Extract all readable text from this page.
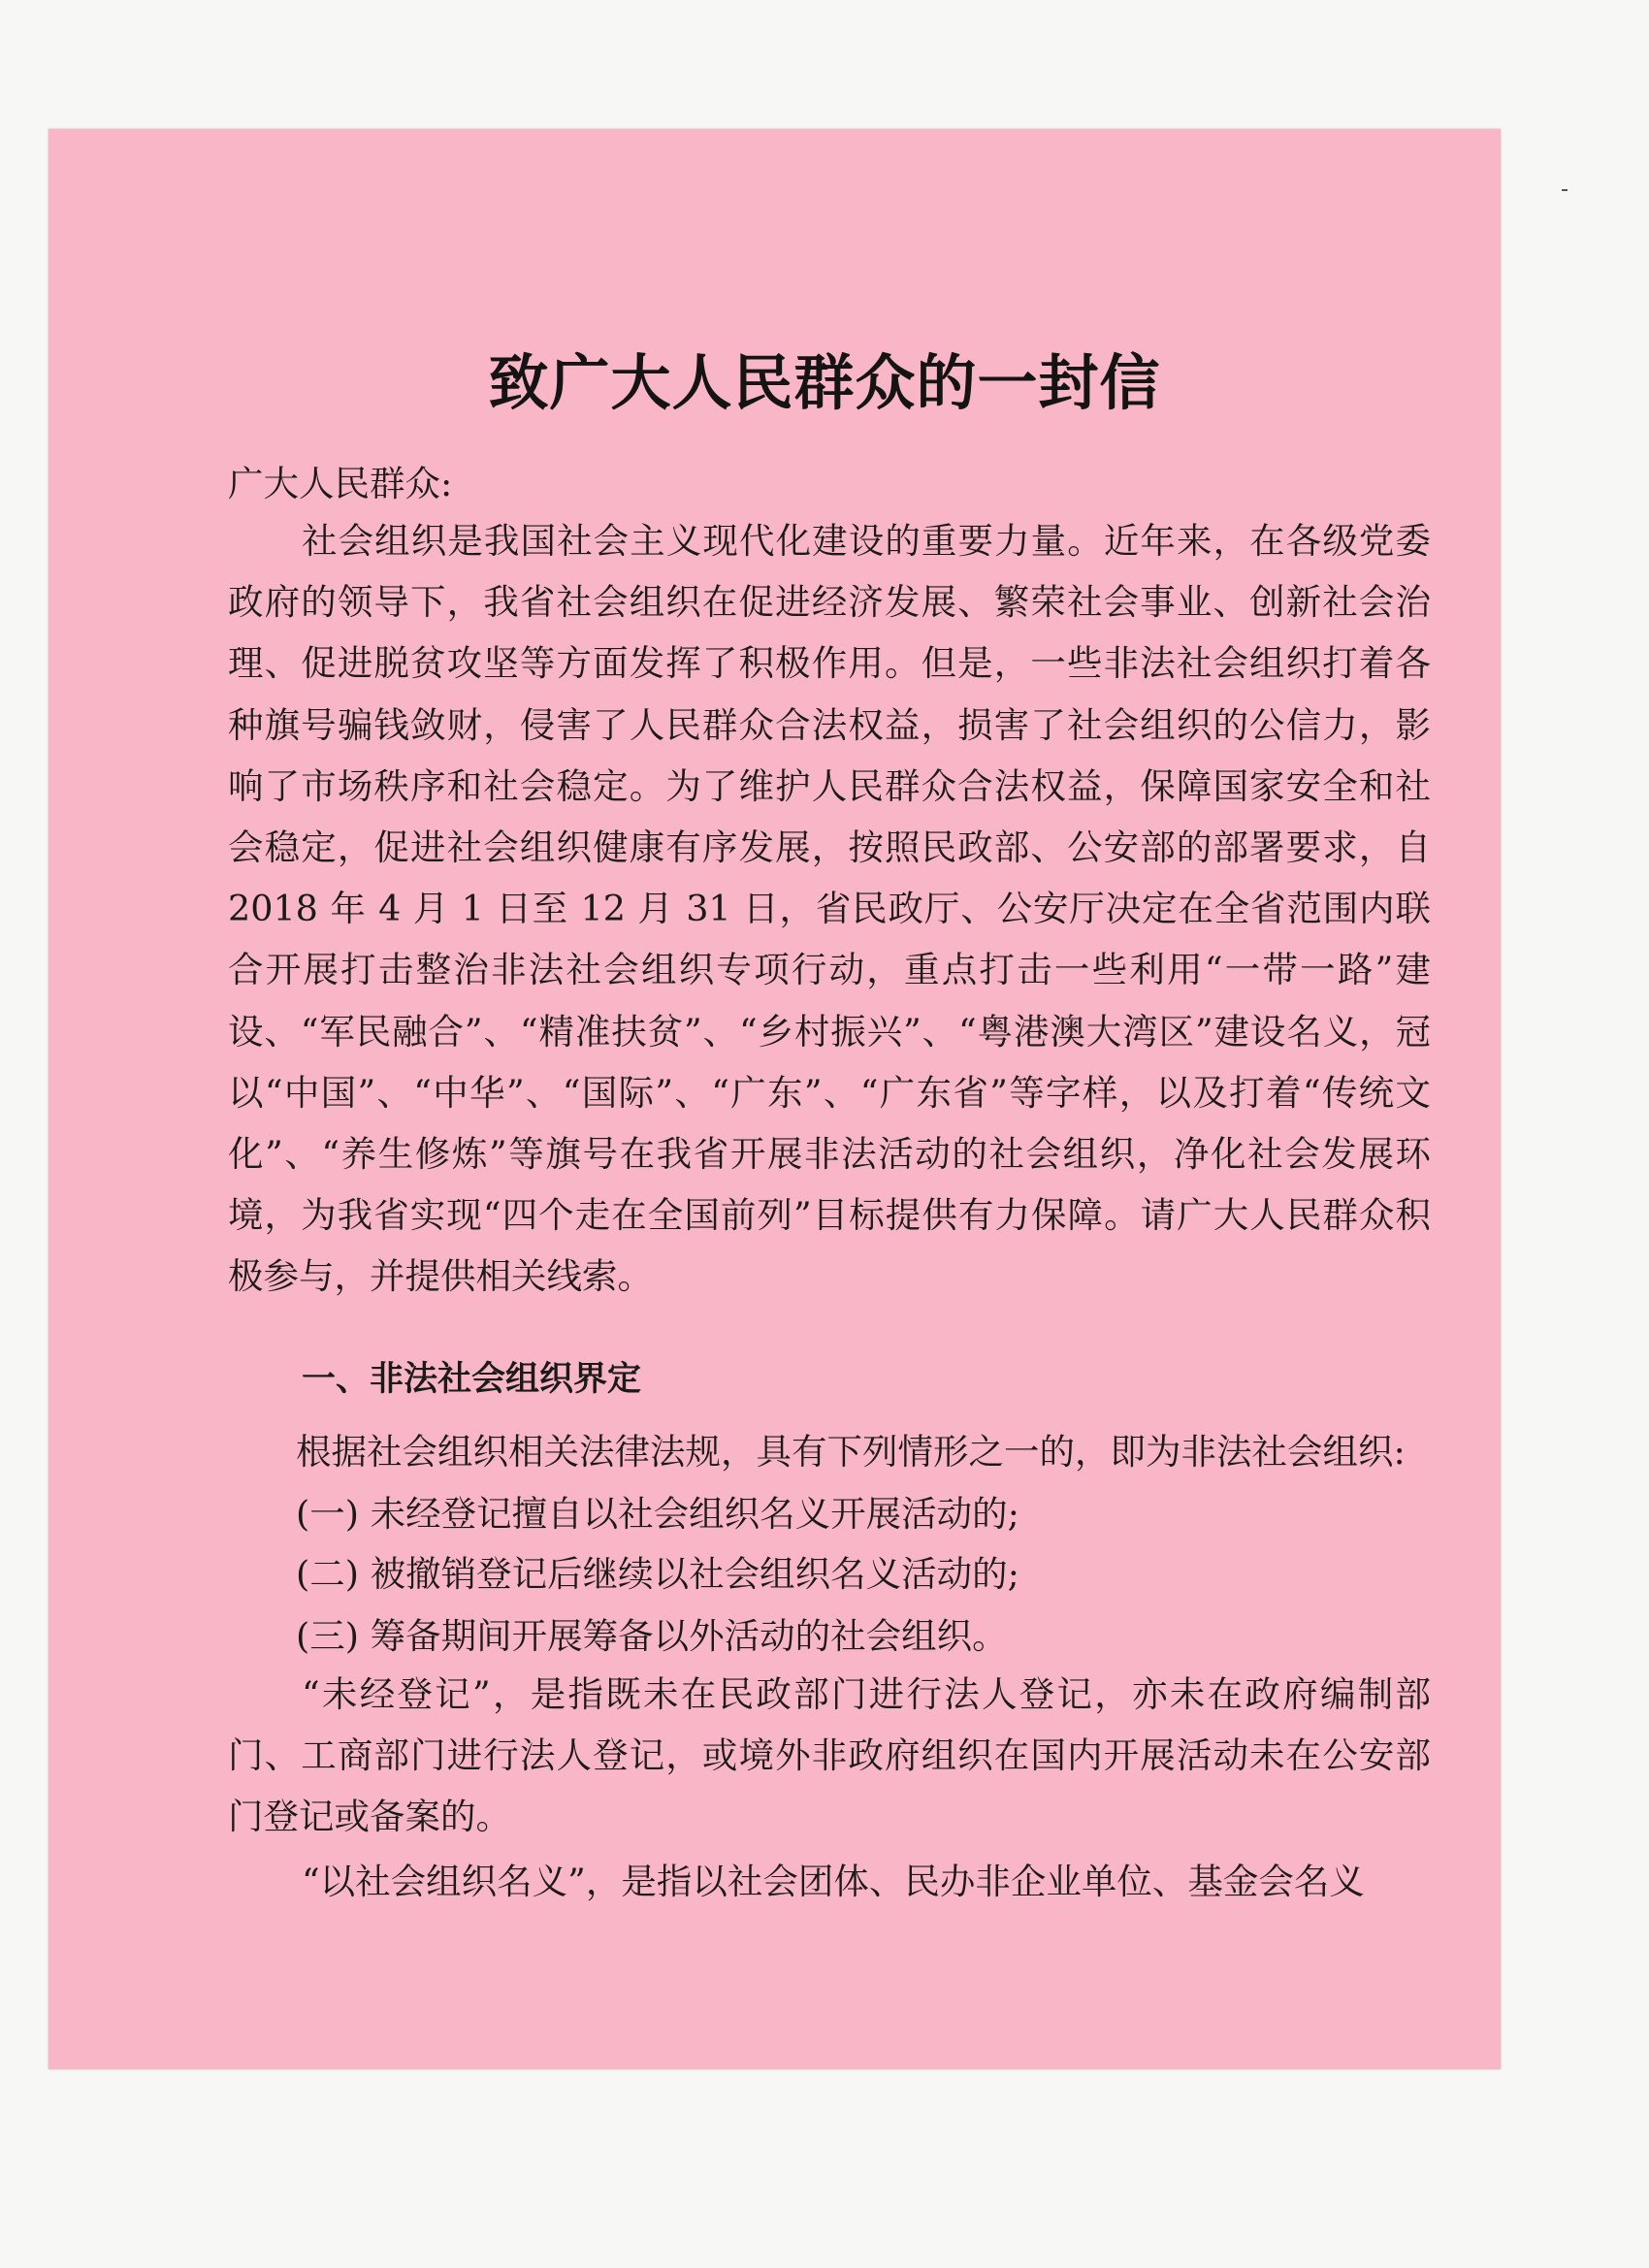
致广大人民群众的一封信
广大人民群众:
社会组织是我国社会主义现代化建设的重要力量。近年来，在各级党委政府的领导下，我省社会组织在促进经济发展、繁荣社会事业、创新社会治理、促进脱贫攻坚等方面发挥了积极作用。但是，一些非法社会组织打着各种旗号骗钱敛财，侵害了人民群众合法权益，损害了社会组织的公信力，影响了市场秩序和社会稳定。为了维护人民群众合法权益，保障国家安全和社会稳定，促进社会组织健康有序发展，按照民政部、公安部的部署要求，自 2018 年 4 月 1 日至 12 月 31 日，省民政厅、公安厅决定在全省范围内联合开展打击整治非法社会组织专项行动，重点打击一些利用“一带一路”建设、“军民融合”、“精准扶贫”、“乡村振兴”、“粤港澳大湾区”建设名义，冠以“中国”、“中华”、“国际”、“广东”、“广东省”等字样，以及打着“传统文化”、“养生修炼”等旗号在我省开展非法活动的社会组织，净化社会发展环境，为我省实现“四个走在全国前列”目标提供有力保障。请广大人民群众积极参与，并提供相关线索。
一、非法社会组织界定
根据社会组织相关法律法规，具有下列情形之一的，即为非法社会组织:
(一) 未经登记擅自以社会组织名义开展活动的;
(二) 被撤销登记后继续以社会组织名义活动的;
(三) 筹备期间开展筹备以外活动的社会组织。
“未经登记”，是指既未在民政部门进行法人登记，亦未在政府编制部门、工商部门进行法人登记，或境外非政府组织在国内开展活动未在公安部门登记或备案的。
“以社会组织名义”，是指以社会团体、民办非企业单位、基金会名义
